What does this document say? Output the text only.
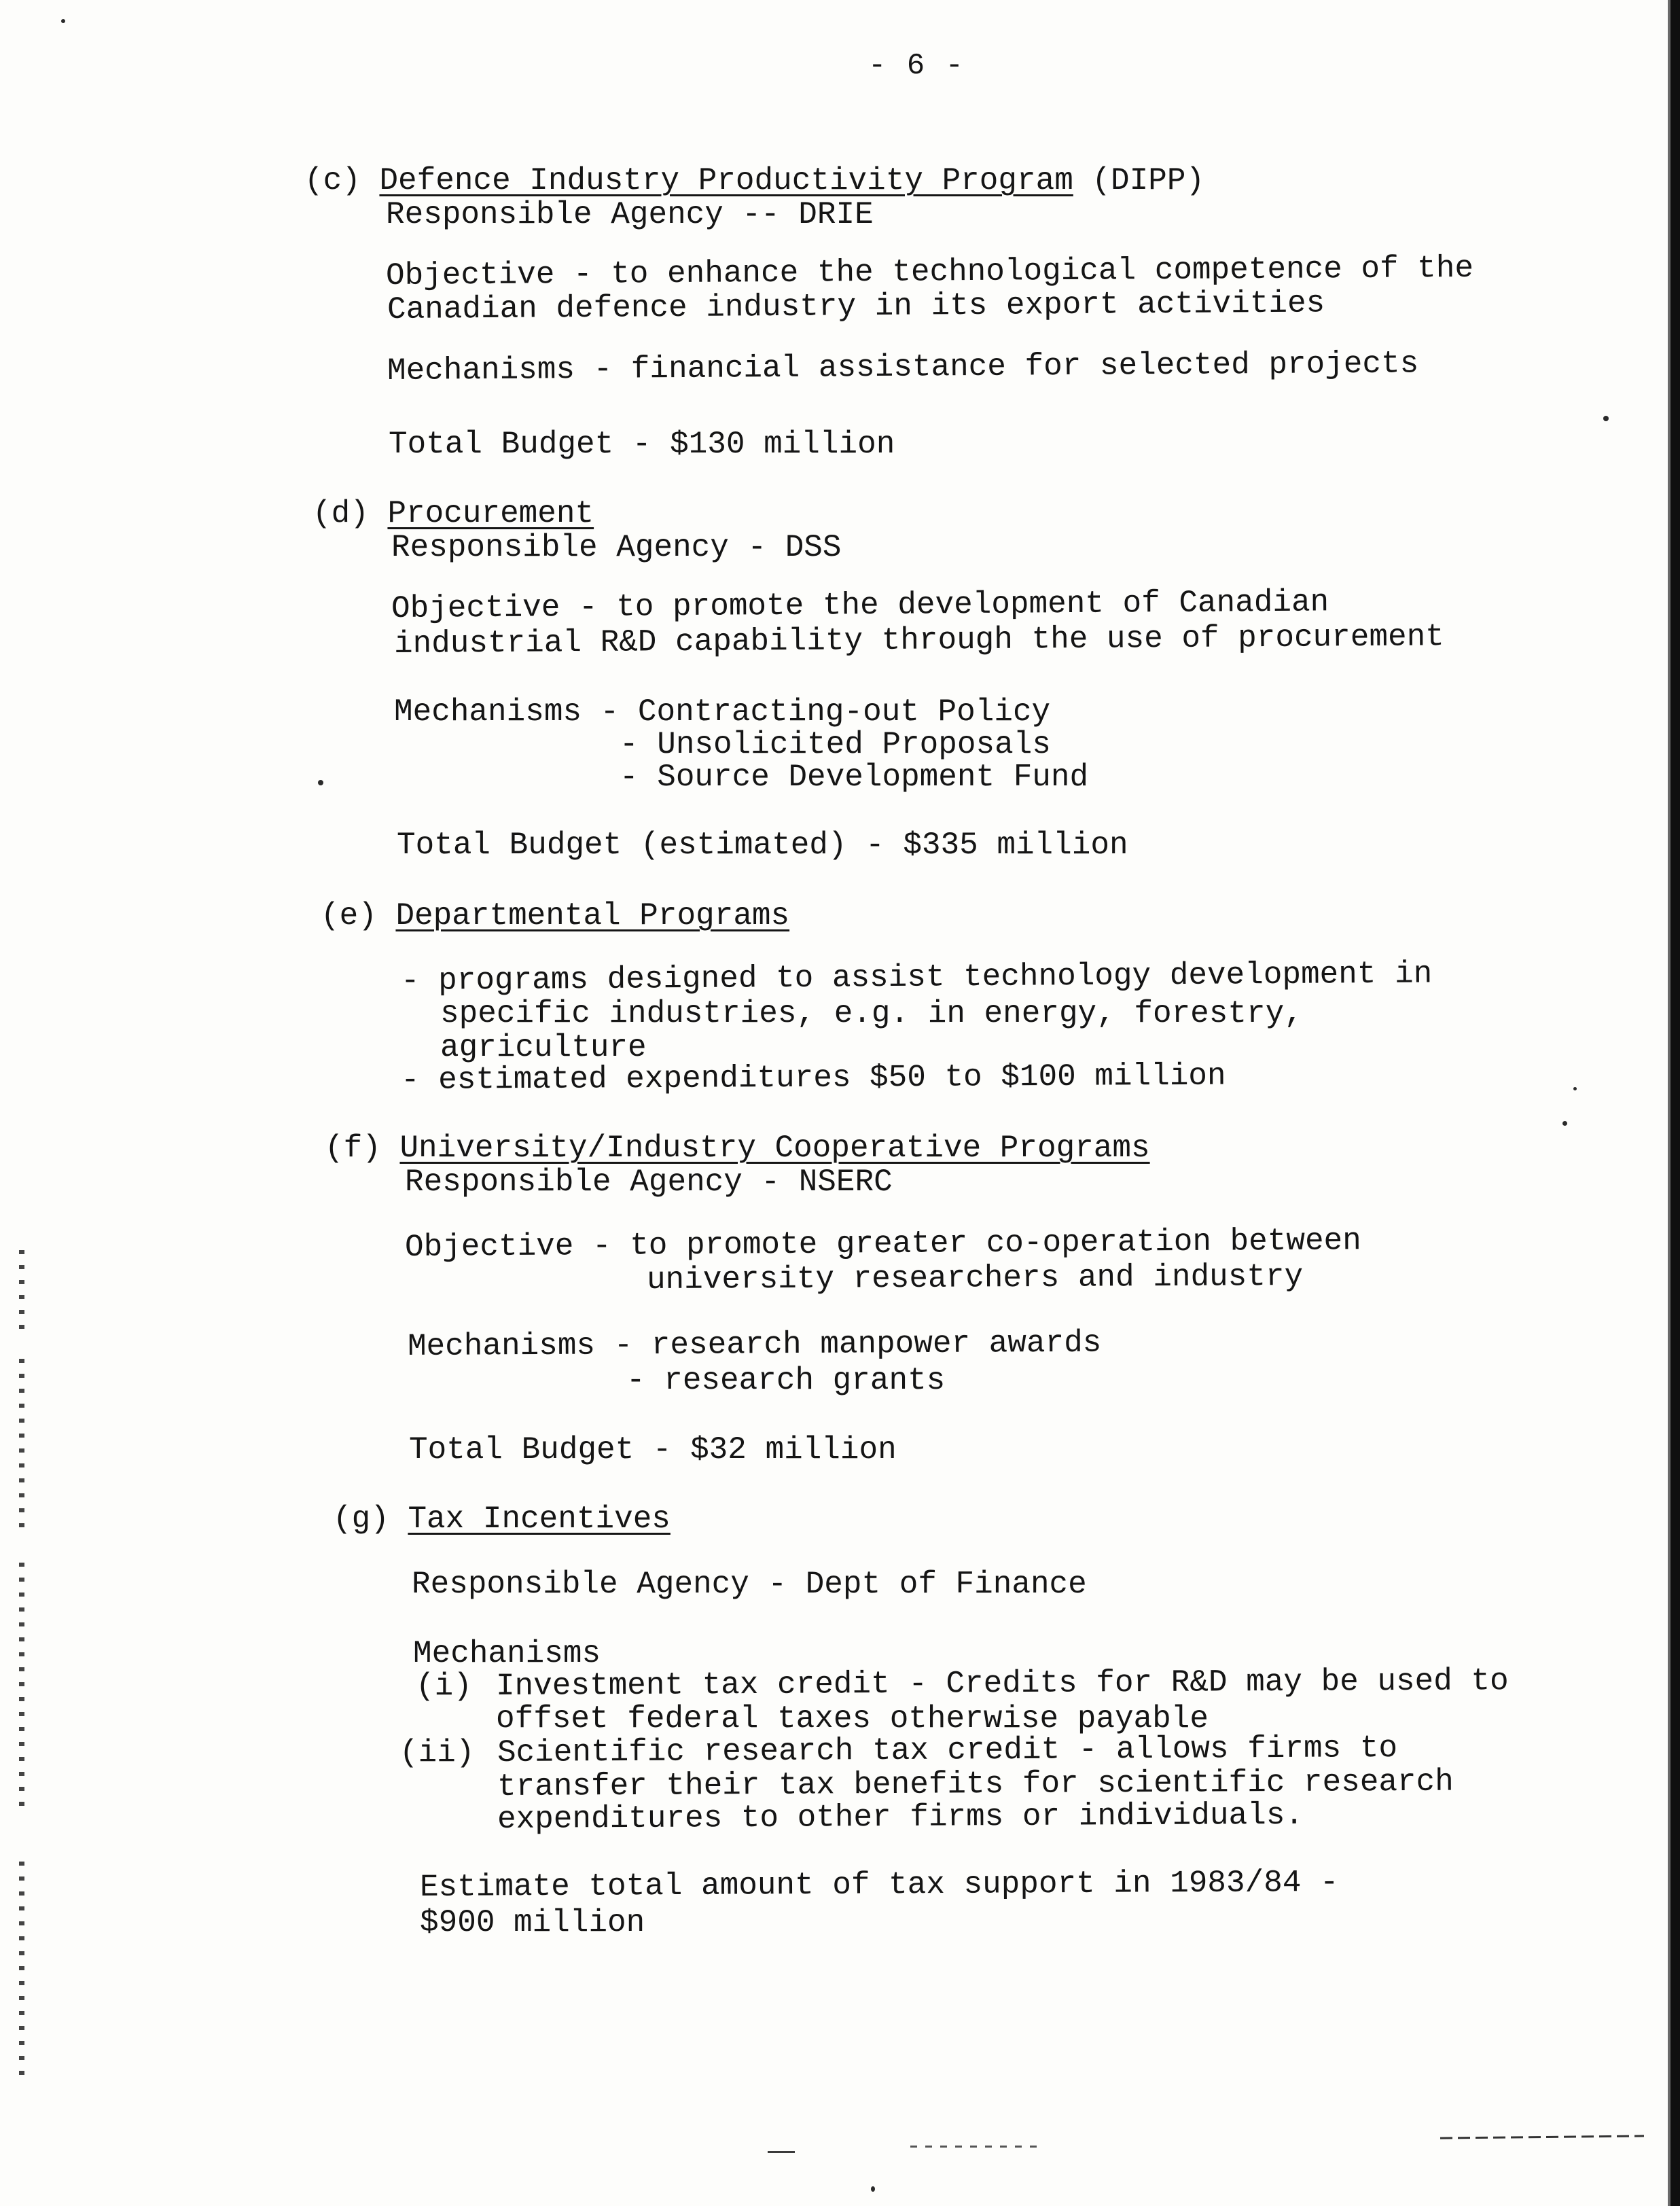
- 6 -
(c) Defence Industry Productivity Program (DIPP)
Responsible Agency -- DRIE
Objective - to enhance the technological competence of the
Canadian defence industry in its export activities
Mechanisms - financial assistance for selected projects
Total Budget - $130 million
(d) Procurement
Responsible Agency - DSS
Objective - to promote the development of Canadian
industrial R&D capability through the use of procurement
Mechanisms - Contracting-out Policy
- Unsolicited Proposals
- Source Development Fund
Total Budget (estimated) - $335 million
(e) Departmental Programs
- programs designed to assist technology development in
specific industries, e.g. in energy, forestry,
agriculture
- estimated expenditures $50 to $100 million
(f) University/Industry Cooperative Programs
Responsible Agency - NSERC
Objective - to promote greater co-operation between
university researchers and industry
Mechanisms - research manpower awards
- research grants
Total Budget - $32 million
(g) Tax Incentives
Responsible Agency - Dept of Finance
Mechanisms
(i) Investment tax credit - Credits for R&D may be used to
offset federal taxes otherwise payable
(ii) Scientific research tax credit - allows firms to
transfer their tax benefits for scientific research
expenditures to other firms or individuals.
Estimate total amount of tax support in 1983/84 -
$900 million
